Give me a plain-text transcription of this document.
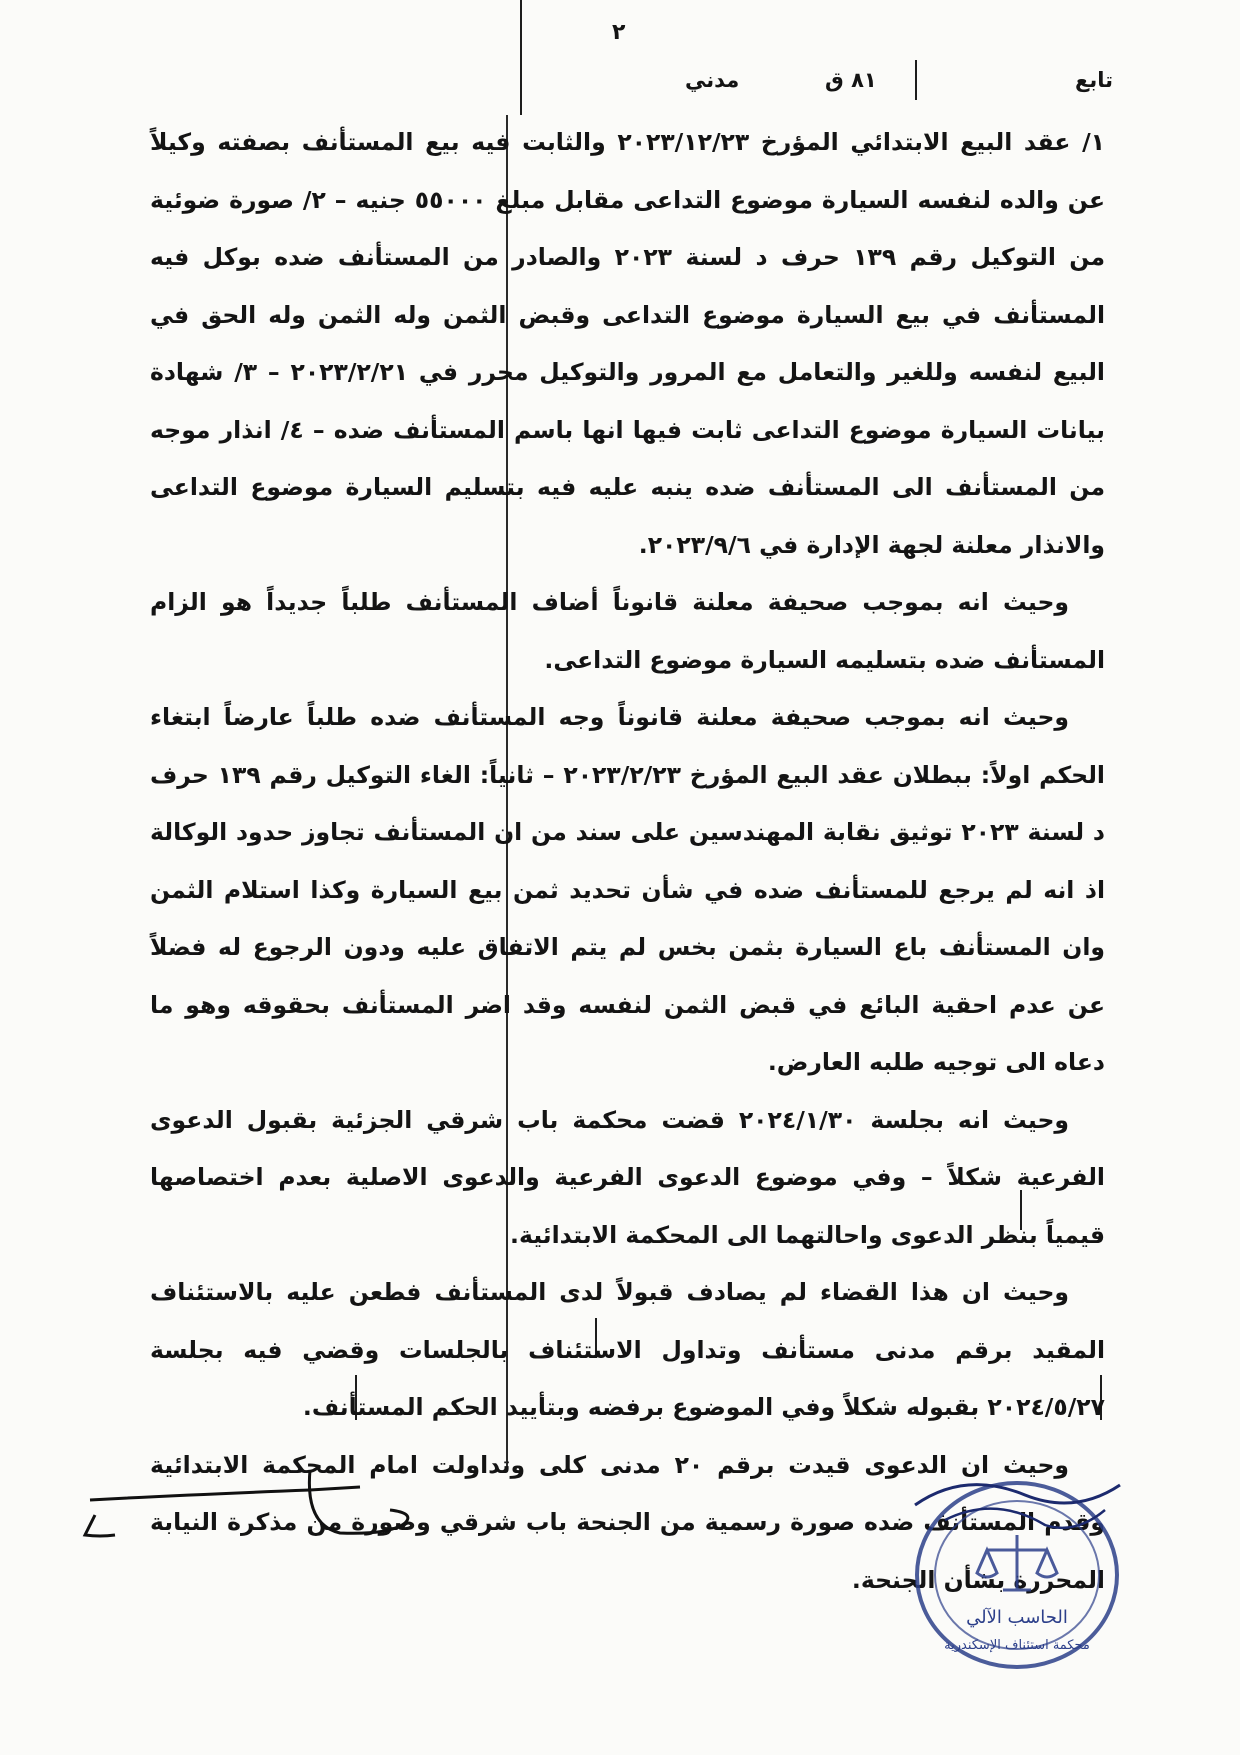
٢
تابع
٨١ ق
مدني

١/ عقد البيع الابتدائي المؤرخ ٢٠٢٣/١٢/٢٣ والثابت فيه بيع المستأنف بصفته وكيلاً عن والده لنفسه السيارة موضوع التداعى مقابل مبلغ ٥٥٠٠٠ جنيه – ٢/ صورة ضوئية من التوكيل رقم ١٣٩ حرف د لسنة ٢٠٢٣ والصادر من المستأنف ضده بوكل فيه المستأنف في بيع السيارة موضوع التداعى وقبض الثمن وله الثمن وله الحق في البيع لنفسه وللغير والتعامل مع المرور والتوكيل محرر في ٢٠٢٣/٢/٢١ – ٣/ شهادة بيانات السيارة موضوع التداعى ثابت فيها انها باسم المستأنف ضده – ٤/ انذار موجه من المستأنف الى المستأنف ضده ينبه عليه فيه بتسليم السيارة موضوع التداعى والانذار معلنة لجهة الإدارة في ٢٠٢٣/٩/٦.

وحيث انه بموجب صحيفة معلنة قانوناً أضاف المستأنف طلباً جديداً هو الزام المستأنف ضده بتسليمه السيارة موضوع التداعى.

وحيث انه بموجب صحيفة معلنة قانوناً وجه المستأنف ضده طلباً عارضاً ابتغاء الحكم اولاً: ببطلان عقد البيع المؤرخ ٢٠٢٣/٢/٢٣ – ثانياً: الغاء التوكيل رقم ١٣٩ حرف د لسنة ٢٠٢٣ توثيق نقابة المهندسين على سند من ان المستأنف تجاوز حدود الوكالة اذ انه لم يرجع للمستأنف ضده في شأن تحديد ثمن بيع السيارة وكذا استلام الثمن وان المستأنف باع السيارة بثمن بخس لم يتم الاتفاق عليه ودون الرجوع له فضلاً عن عدم احقية البائع في قبض الثمن لنفسه وقد اضر المستأنف بحقوقه وهو ما دعاه الى توجيه طلبه العارض.

وحيث انه بجلسة ٢٠٢٤/١/٣٠ قضت محكمة باب شرقي الجزئية بقبول الدعوى الفرعية شكلاً – وفي موضوع الدعوى الفرعية والدعوى الاصلية بعدم اختصاصها قيمياً بنظر الدعوى واحالتهما الى المحكمة الابتدائية.

وحيث ان هذا القضاء لم يصادف قبولاً لدى المستأنف فطعن عليه بالاستئناف المقيد برقم مدنى مستأنف وتداول الاستئناف بالجلسات وقضي فيه بجلسة ٢٠٢٤/٥/٢٧ بقبوله شكلاً وفي الموضوع برفضه وبتأييد الحكم المستأنف.

وحيث ان الدعوى قيدت برقم ٢٠ مدنى كلى وتداولت امام المحكمة الابتدائية وقدم المستأنف ضده صورة رسمية من الجنحة باب شرقي وصورة من مذكرة النيابة المحررة بشأن الجنحة.

الحاسب الآلي
محكمة استئناف الإسكندرية
